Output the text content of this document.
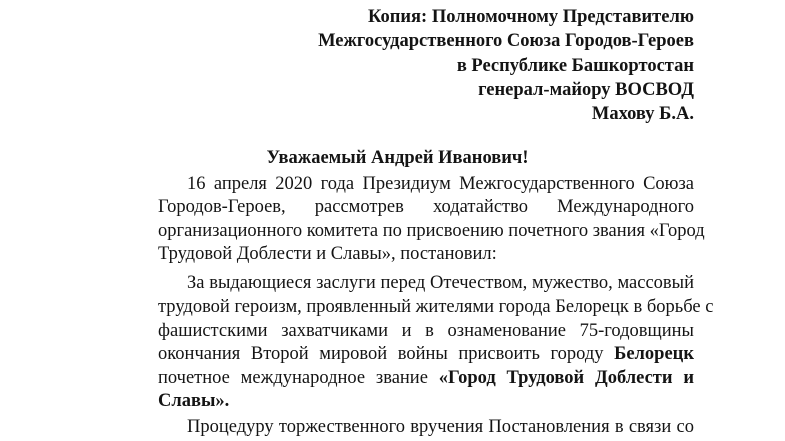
Копия: Полномочному Представителю
Межгосударственного Союза Городов-Героев
в Республике Башкортостан
генерал-майору ВОСВОД
Махову Б.А.
Уважаемый Андрей Иванович!
16 апреля 2020 года Президиум Межгосударственного Союза
Городов-Героев, рассмотрев ходатайство Международного
организационного комитета по присвоению почетного звания «Город
Трудовой Доблести и Славы», постановил:
За выдающиеся заслуги перед Отечеством, мужество, массовый
трудовой героизм, проявленный жителями города Белорецк в борьбе с
фашистскими захватчиками и в ознаменование 75-годовщины
окончания Второй мировой войны присвоить городу Белорецк
почетное международное звание «Город Трудовой Доблести и
Славы».
Процедуру торжественного вручения Постановления в связи со
